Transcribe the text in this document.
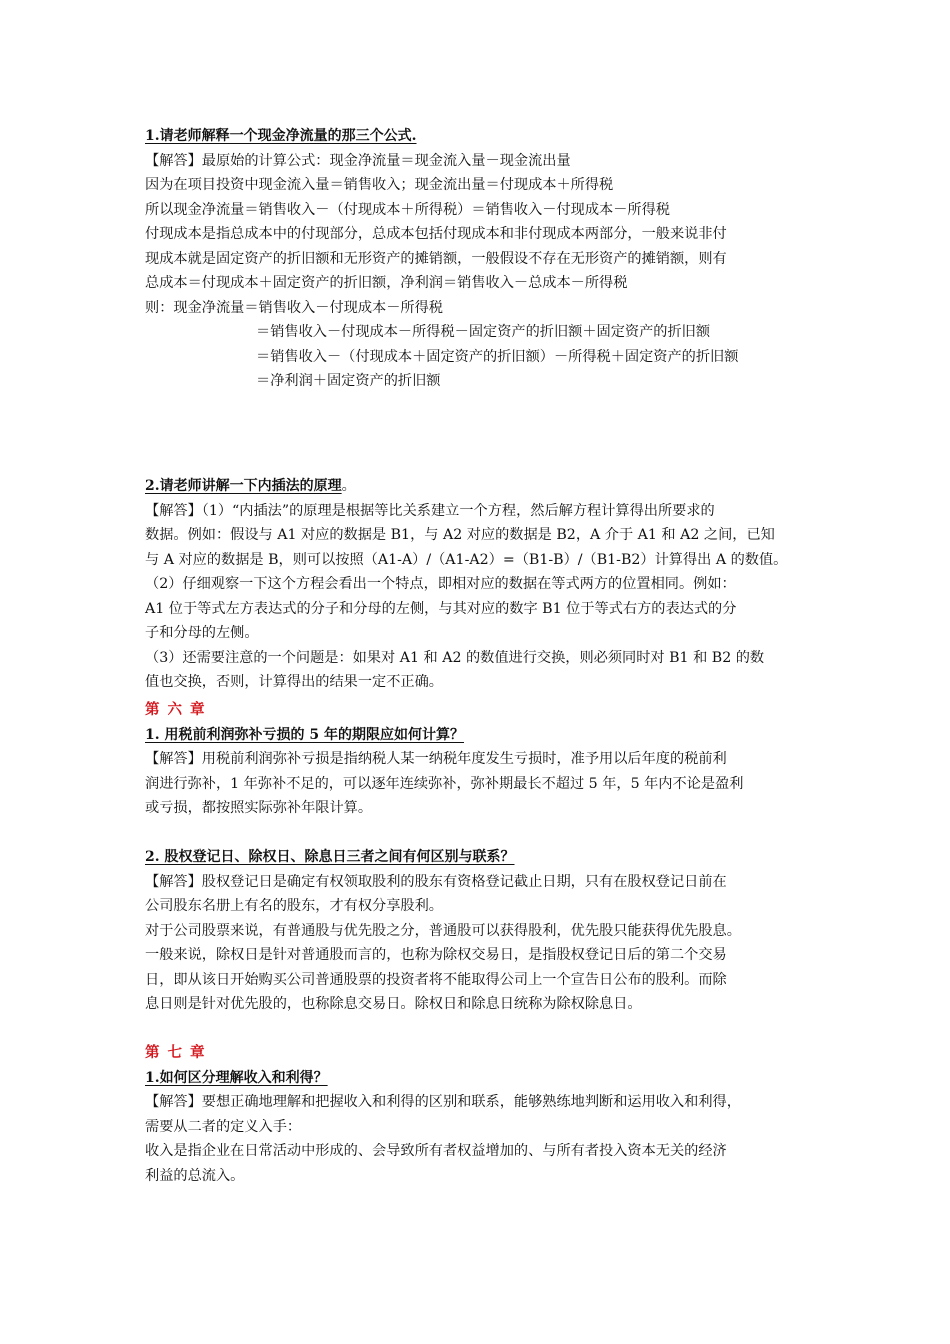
1.请老师解释一个现金净流量的那三个公式.
【解答】最原始的计算公式：现金净流量＝现金流入量－现金流出量
因为在项目投资中现金流入量＝销售收入；现金流出量＝付现成本＋所得税
所以现金净流量＝销售收入－（付现成本＋所得税）＝销售收入－付现成本－所得税
付现成本是指总成本中的付现部分，总成本包括付现成本和非付现成本两部分，一般来说非付
现成本就是固定资产的折旧额和无形资产的摊销额，一般假设不存在无形资产的摊销额，则有
总成本＝付现成本＋固定资产的折旧额，净利润＝销售收入－总成本－所得税
则：现金净流量＝销售收入－付现成本－所得税
＝销售收入－付现成本－所得税－固定资产的折旧额＋固定资产的折旧额
＝销售收入－（付现成本＋固定资产的折旧额）－所得税＋固定资产的折旧额
＝净利润＋固定资产的折旧额
2.请老师讲解一下内插法的原理。
【解答】（1）“内插法”的原理是根据等比关系建立一个方程，然后解方程计算得出所要求的
数据。例如：假设与 A1 对应的数据是 B1，与 A2 对应的数据是 B2，A 介于 A1 和 A2 之间，已知
与 A 对应的数据是 B，则可以按照（A1-A）/（A1-A2）=（B1-B）/（B1-B2）计算得出 A 的数值。
（2）仔细观察一下这个方程会看出一个特点，即相对应的数据在等式两方的位置相同。例如：
A1 位于等式左方表达式的分子和分母的左侧，与其对应的数字 B1 位于等式右方的表达式的分
子和分母的左侧。
（3）还需要注意的一个问题是：如果对 A1 和 A2 的数值进行交换，则必须同时对 B1 和 B2 的数
值也交换，否则，计算得出的结果一定不正确。
第六章
1. 用税前利润弥补亏损的 5 年的期限应如何计算？
【解答】用税前利润弥补亏损是指纳税人某一纳税年度发生亏损时，准予用以后年度的税前利
润进行弥补，1 年弥补不足的，可以逐年连续弥补，弥补期最长不超过 5 年，5 年内不论是盈利
或亏损，都按照实际弥补年限计算。
2. 股权登记日、除权日、除息日三者之间有何区别与联系？
【解答】股权登记日是确定有权领取股利的股东有资格登记截止日期，只有在股权登记日前在
公司股东名册上有名的股东，才有权分享股利。
对于公司股票来说，有普通股与优先股之分，普通股可以获得股利，优先股只能获得优先股息。
一般来说，除权日是针对普通股而言的，也称为除权交易日，是指股权登记日后的第二个交易
日，即从该日开始购买公司普通股票的投资者将不能取得公司上一个宣告日公布的股利。而除
息日则是针对优先股的，也称除息交易日。除权日和除息日统称为除权除息日。
第七章
1.如何区分理解收入和利得？
【解答】要想正确地理解和把握收入和利得的区别和联系，能够熟练地判断和运用收入和利得，
需要从二者的定义入手：
收入是指企业在日常活动中形成的、会导致所有者权益增加的、与所有者投入资本无关的经济
利益的总流入。
